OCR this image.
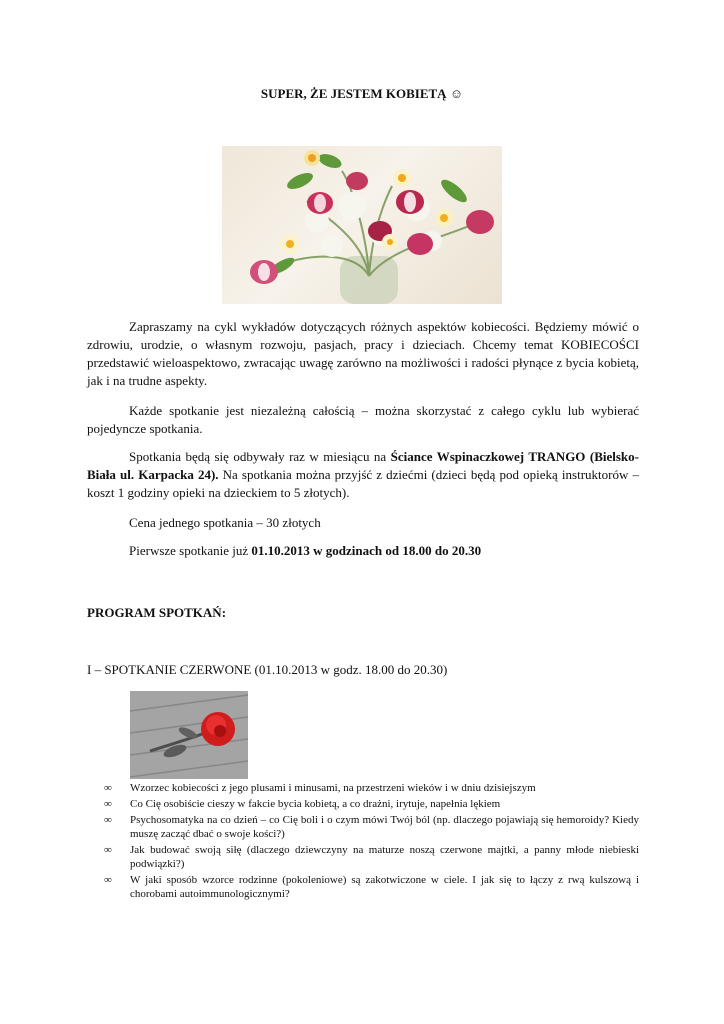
SUPER, ŻE JESTEM KOBIETĄ ☺

Zapraszamy na cykl wykładów dotyczących różnych aspektów kobiecości. Będziemy mówić o zdrowiu, urodzie, o własnym rozwoju, pasjach, pracy i dzieciach. Chcemy temat KOBIECOŚCI przedstawić wieloaspektowo, zwracając uwagę zarówno na możliwości i radości płynące z bycia kobietą, jak i na trudne aspekty.

Każde spotkanie jest niezależną całością – można skorzystać z całego cyklu lub wybierać pojedyncze spotkania.

Spotkania będą się odbywały raz w miesiącu na Ściance Wspinaczkowej TRANGO (Bielsko-Biała ul. Karpacka 24). Na spotkania można przyjść z dziećmi (dzieci będą pod opieką instruktorów – koszt 1 godziny opieki na dzieckiem to 5 złotych).

Cena jednego spotkania – 30 złotych

Pierwsze spotkanie już 01.10.2013 w godzinach od 18.00 do 20.30

PROGRAM SPOTKAŃ:
I – SPOTKANIE CZERWONE (01.10.2013 w godz. 18.00 do 20.30)
∞ Wzorzec kobiecości z jego plusami i minusami, na przestrzeni wieków i w dniu dzisiejszym
∞ Co Cię osobiście cieszy w fakcie bycia kobietą, a co drażni, irytuje, napełnia lękiem
∞ Psychosomatyka na co dzień – co Cię boli i o czym mówi Twój ból (np. dlaczego pojawiają się hemoroidy? Kiedy muszę zacząć dbać o swoje kości?)
∞ Jak budować swoją siłę (dlaczego dziewczyny na maturze noszą czerwone majtki, a panny młode niebieski podwiązki?)
∞ W jaki sposób wzorce rodzinne (pokoleniowe) są zakotwiczone w ciele. I jak się to łączy z rwą kulszową i chorobami autoimmunologicznymi?
